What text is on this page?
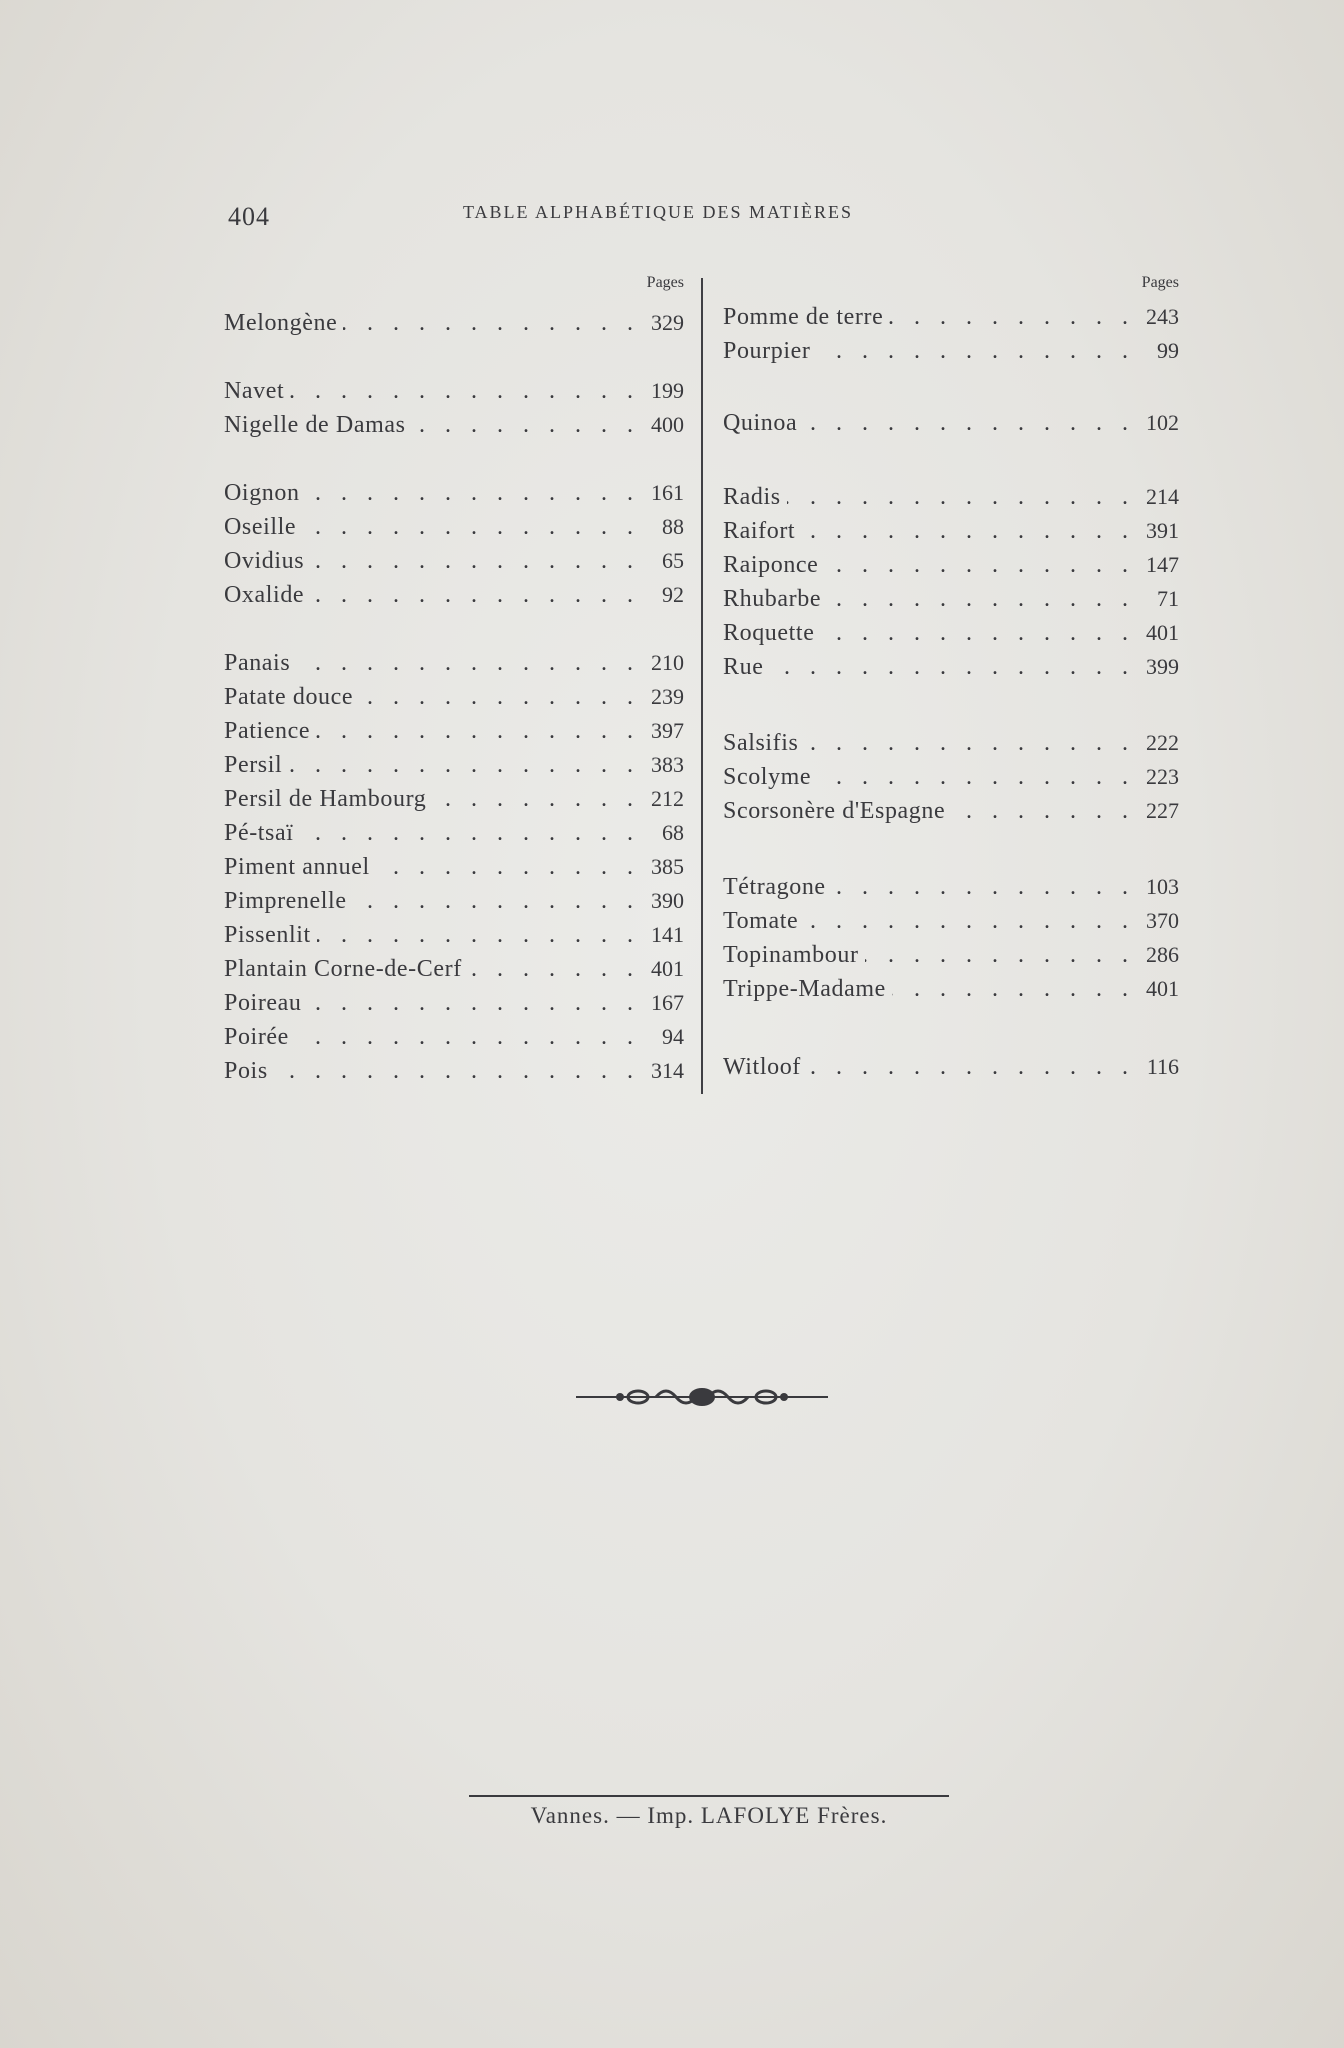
404	TABLE ALPHABÉTIQUE DES MATIÈRES
Pages
Melongène . . .	329
Navet . . .	199
Nigelle de Damas . . .	400
Oignon . . .	161
Oseille . . .	88
Ovidius . . .	65
Oxalide . . .	92
Panais . . .	210
Patate douce . . .	239
Patience . . .	397
Persil . . .	383
Persil de Hambourg . . .	212
Pé-tsaï . . .	68
Piment annuel . . .	385
Pimprenelle . . .	390
Pissenlit . . .	141
Plantain Corne-de-Cerf . . .	401
Poireau . . .	167
Poirée . . .	94
Pois . . .	314
Pages
Pomme de terre . . .	243
Pourpier . . .	99
Quinoa . . .	102
Radis . . .	214
Raifort . . .	391
Raiponce . . .	147
Rhubarbe . . .	71
Roquette . . .	401
Rue . . .	399
Salsifis . . .	222
Scolyme . . .	223
Scorsonère d'Espagne . . .	227
Tétragone . . .	103
Tomate . . .	370
Topinambour . . .	286
Trippe-Madame . . .	401
Witloof . . .	116
Vannes. — Imp. LAFOLYE Frères.
